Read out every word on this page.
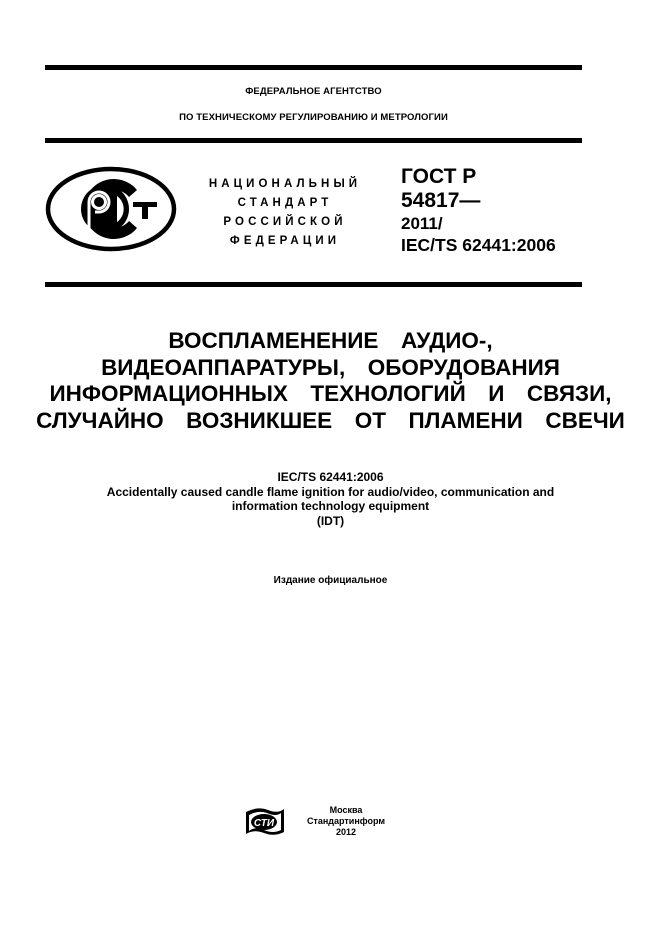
ФЕДЕРАЛЬНОЕ АГЕНТСТВО
ПО ТЕХНИЧЕСКОМУ РЕГУЛИРОВАНИЮ И МЕТРОЛОГИИ
НАЦИОНАЛЬНЫЙ
СТАНДАРТ
РОССИЙСКОЙ
ФЕДЕРАЦИИ
ГОСТ Р
54817—
2011/
IEC/TS 62441:2006
ВОСПЛАМЕНЕНИЕ  АУДИО-,
ВИДЕОАППАРАТУРЫ,  ОБОРУДОВАНИЯ
ИНФОРМАЦИОННЫХ  ТЕХНОЛОГИЙ  И  СВЯЗИ,
СЛУЧАЙНО  ВОЗНИКШЕЕ  ОТ  ПЛАМЕНИ  СВЕЧИ
IEC/TS 62441:2006
Accidentally caused candle flame ignition for audio/video, communication and
information technology equipment
(IDT)
Издание официальное
СТИ
Москва
Стандартинформ
2012
